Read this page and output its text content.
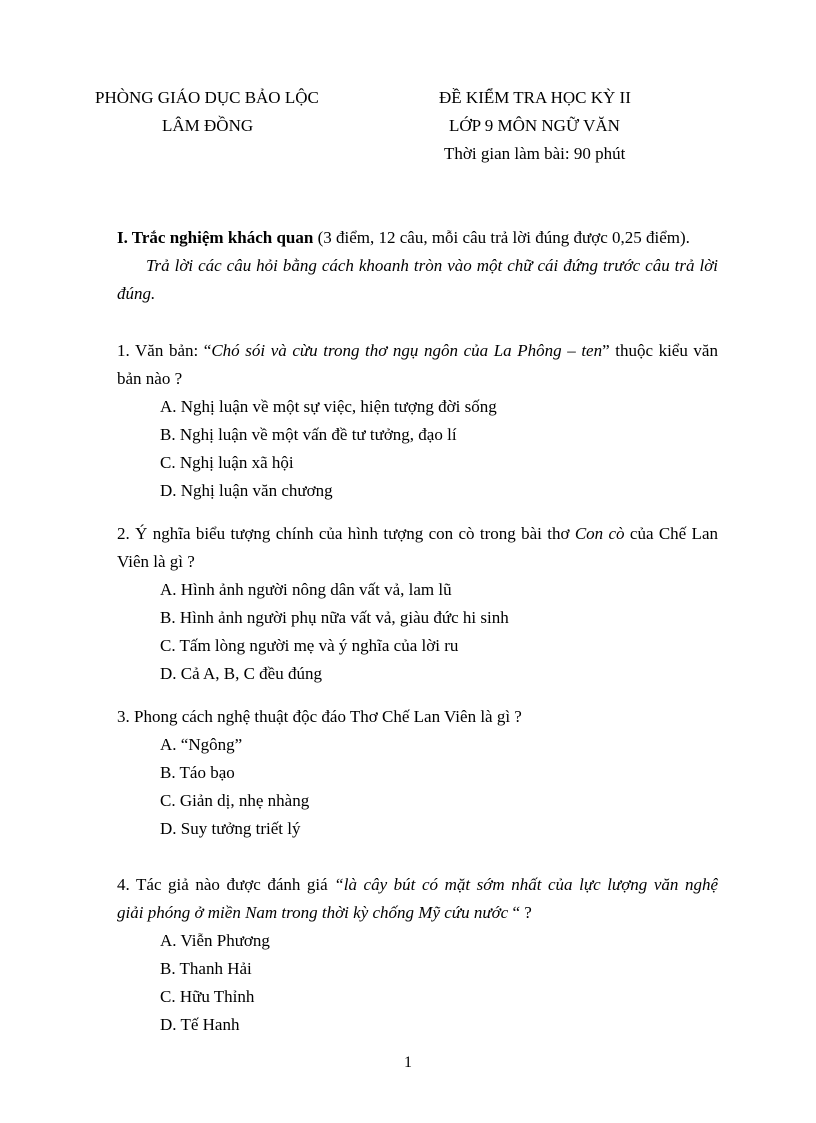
PHÒNG GIÁO DỤC BẢO LỘC
LÂM ĐỒNG
ĐỀ KIỂM TRA HỌC KỲ II
LỚP 9 MÔN NGỮ VĂN
Thời gian làm bài: 90 phút
I. Trắc nghiệm khách quan (3 điểm, 12 câu, mỗi câu trả lời đúng được 0,25 điểm).
Trả lời các câu hỏi bằng cách khoanh tròn vào một chữ cái đứng trước câu trả lời
đúng.
1. Văn bản: “Chó sói và cừu trong thơ ngụ ngôn của La Phông – ten” thuộc kiểu văn
bản nào ?
A. Nghị luận về một sự việc, hiện tượng đời sống
B. Nghị luận về một vấn đề tư tưởng, đạo lí
C. Nghị luận xã hội
D. Nghị luận văn chương
2. Ý nghĩa biểu tượng chính của hình tượng con cò trong bài thơ Con cò của Chế Lan
Viên là gì ?
A. Hình ảnh người nông dân vất vả, lam lũ
B. Hình ảnh người phụ nữa vất vả, giàu đức hi sinh
C. Tấm lòng người mẹ và ý nghĩa của lời ru
D. Cả A, B, C đều đúng
3. Phong cách nghệ thuật độc đáo Thơ Chế Lan Viên là gì ?
A. “Ngông”
B. Táo bạo
C. Giản dị, nhẹ nhàng
D. Suy tưởng triết lý
4. Tác giả nào được đánh giá “là cây bút có mặt sớm nhất của lực lượng văn nghệ
giải phóng ở miền Nam trong thời kỳ chống Mỹ cứu nước “ ?
A. Viễn Phương
B. Thanh Hải
C. Hữu Thỉnh
D. Tế Hanh
1
